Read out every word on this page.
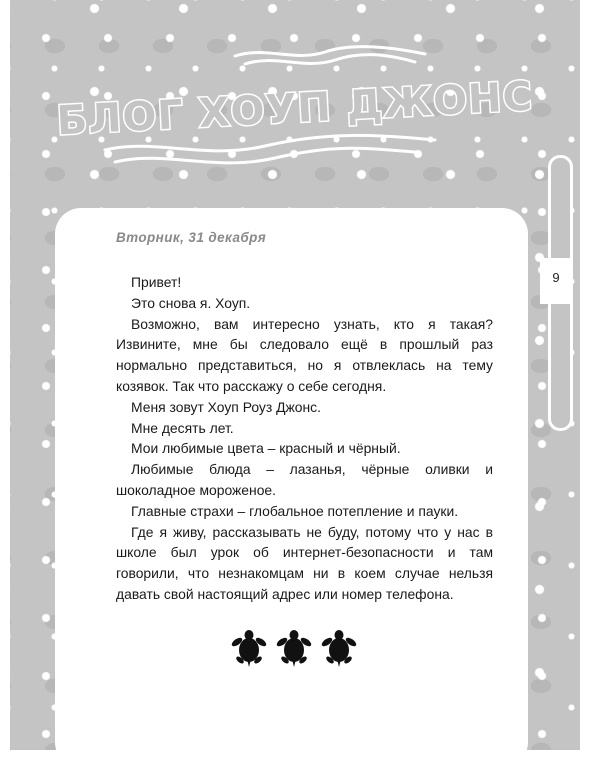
БЛОГ ХОУП ДЖОНС
9

Вторник, 31 декабря

Привет!

Это снова я. Хоуп.

Возможно, вам интересно узнать, кто я такая? Извините, мне бы следовало ещё в прошлый раз нормально представиться, но я отвлеклась на тему козявок. Так что расскажу о себе сегодня.

Меня зовут Хоуп Роуз Джонс.

Мне десять лет.

Мои любимые цвета – красный и чёрный.

Любимые блюда – лазанья, чёрные оливки и шоколадное мороженое.

Главные страхи – глобальное потепление и пауки.

Где я живу, рассказывать не буду, потому что у нас в школе был урок об интернет-безопасности и там говорили, что незнакомцам ни в коем случае нельзя давать свой настоящий адрес или номер телефона.
